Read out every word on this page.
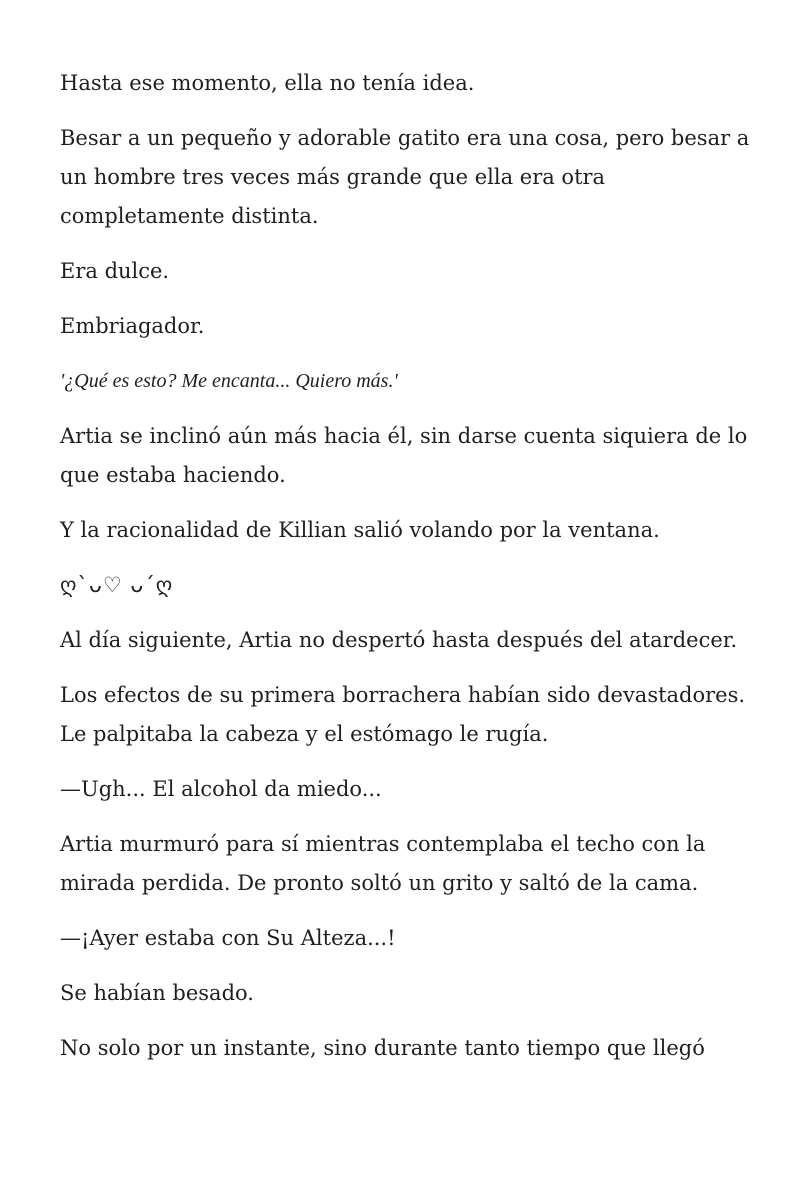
Hasta ese momento, ella no tenía idea.

Besar a un pequeño y adorable gatito era una cosa, pero besar a un hombre tres veces más grande que ella era otra completamente distinta.

Era dulce.

Embriagador.

'¿Qué es esto? Me encanta... Quiero más.'

Artia se inclinó aún más hacia él, sin darse cuenta siquiera de lo que estaba haciendo.

Y la racionalidad de Killian salió volando por la ventana.

ღ`ᴗ♡ ᴗ´ღ

Al día siguiente, Artia no despertó hasta después del atardecer.

Los efectos de su primera borrachera habían sido devastadores. Le palpitaba la cabeza y el estómago le rugía.

—Ugh... El alcohol da miedo...

Artia murmuró para sí mientras contemplaba el techo con la mirada perdida. De pronto soltó un grito y saltó de la cama.

—¡Ayer estaba con Su Alteza...!

Se habían besado.

No solo por un instante, sino durante tanto tiempo que llegó
